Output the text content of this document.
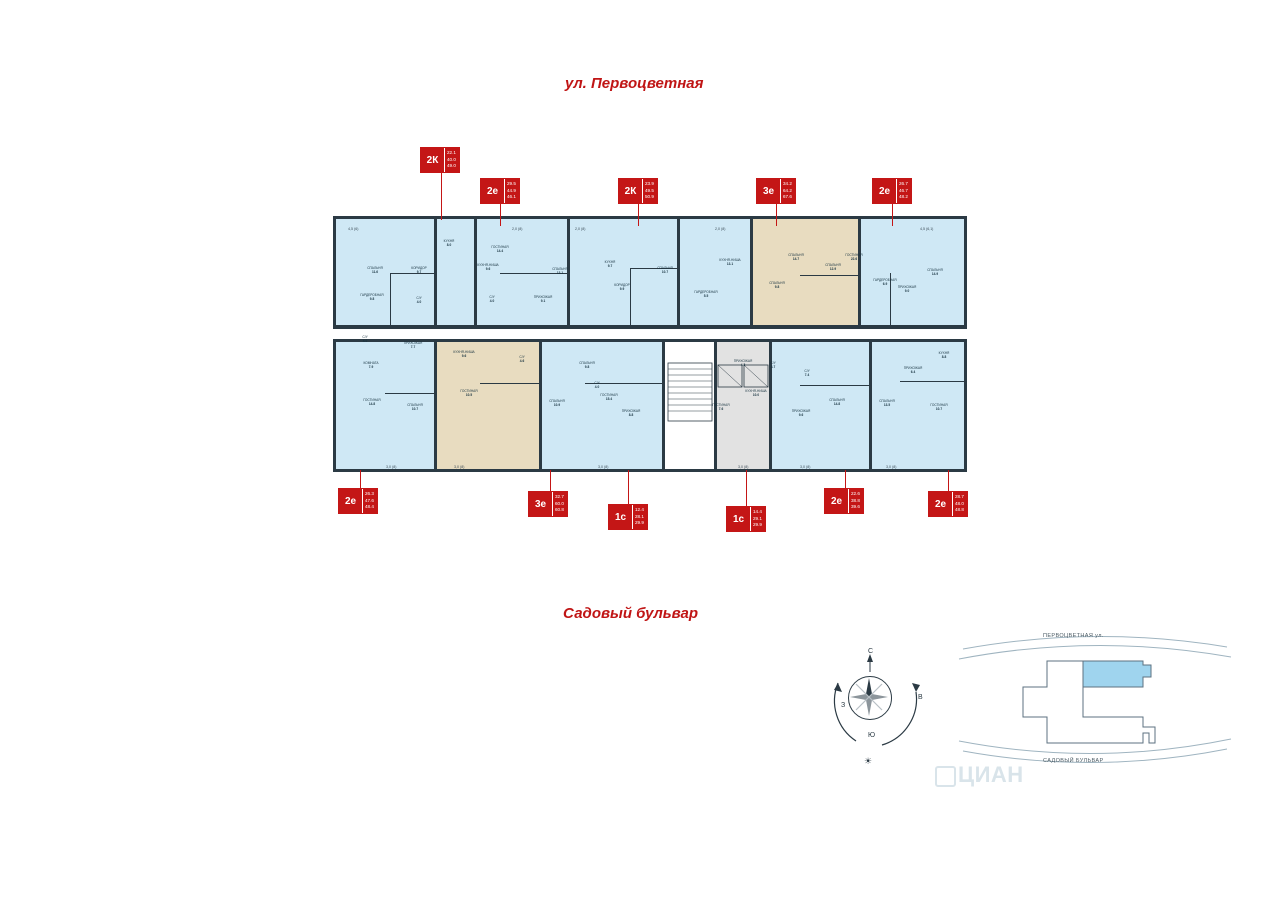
ул. Первоцветная
Садовый бульвар
СПАЛЬНЯ
11.6
КОРИДОР
9.7
КУХНЯ-НИША
9.6
ГОСТИНАЯ
14.4
КУХНЯ
8.0
СПАЛЬНЯ
13.1
ПРИХОЖАЯ
9.1
С/У
4.0
ГАРДЕРОБНАЯ
9.8	С/У
4.0
КУХНЯ
9.7
КОРИДОР
9.9
СПАЛЬНЯ
10.7
ГАРДЕРОБНАЯ
5.5
КУХНЯ-НИША
13.1
ГОСТИНАЯ
22.6
СПАЛЬНЯ
14.7
СПАЛЬНЯ
12.9
СПАЛЬНЯ
9.8
ГАРДЕРОБНАЯ
6.9
ПРИХОЖАЯ
9.0
СПАЛЬНЯ
14.9
КОМНАТА
7.9
ГОСТИНАЯ
14.8
С/У
4.0	ПРИХОЖАЯ
7.7
СПАЛЬНЯ
10.7
КУХНЯ-НИША
9.6
ГОСТИНАЯ
10.5
С/У
4.6
СПАЛЬНЯ
10.9
СПАЛЬНЯ
9.8
С/У
4.0
ГОСТИНАЯ
15.4
ПРИХОЖАЯ
8.8
ПРИХОЖАЯ
4.5
ГОСТИНАЯ
7.6
КУХНЯ-НИША
10.0
С/У
3.7
С/У
7.4
СПАЛЬНЯ
14.8
ПРИХОЖАЯ
9.6
СПАЛЬНЯ
13.5
ПРИХОЖАЯ
6.4
ГОСТИНАЯ
10.7
КУХНЯ
8.8
4,5 (6)	2,0 (8)	2,0 (8)	2,0 (8)	4,5 (6,1)
3,0 (8)	3,0 (8)	3,0 (8)	3,0 (8)	3,0 (8)	3,0 (8)
2К
22.1
40.0
49.0
2е
29.5
44.9
46.1
2К
23.9
49.5
50.9
3е
34.2
64.2
67.6
2е
26.7
46.7
48.2
2е
26.3
47.6
48.4	3е
32.7
60.0
60.8
1с
12.4
28.1
29.9	1с
14.4
29.1
29.9
2е
22.6
38.8
39.6	2е
28.7
48.0
48.8
С
Ю
З
В
☀
ПЕРВОЦВЕТНАЯ ул.
САДОВЫЙ БУЛЬВАР
ЦИАН
